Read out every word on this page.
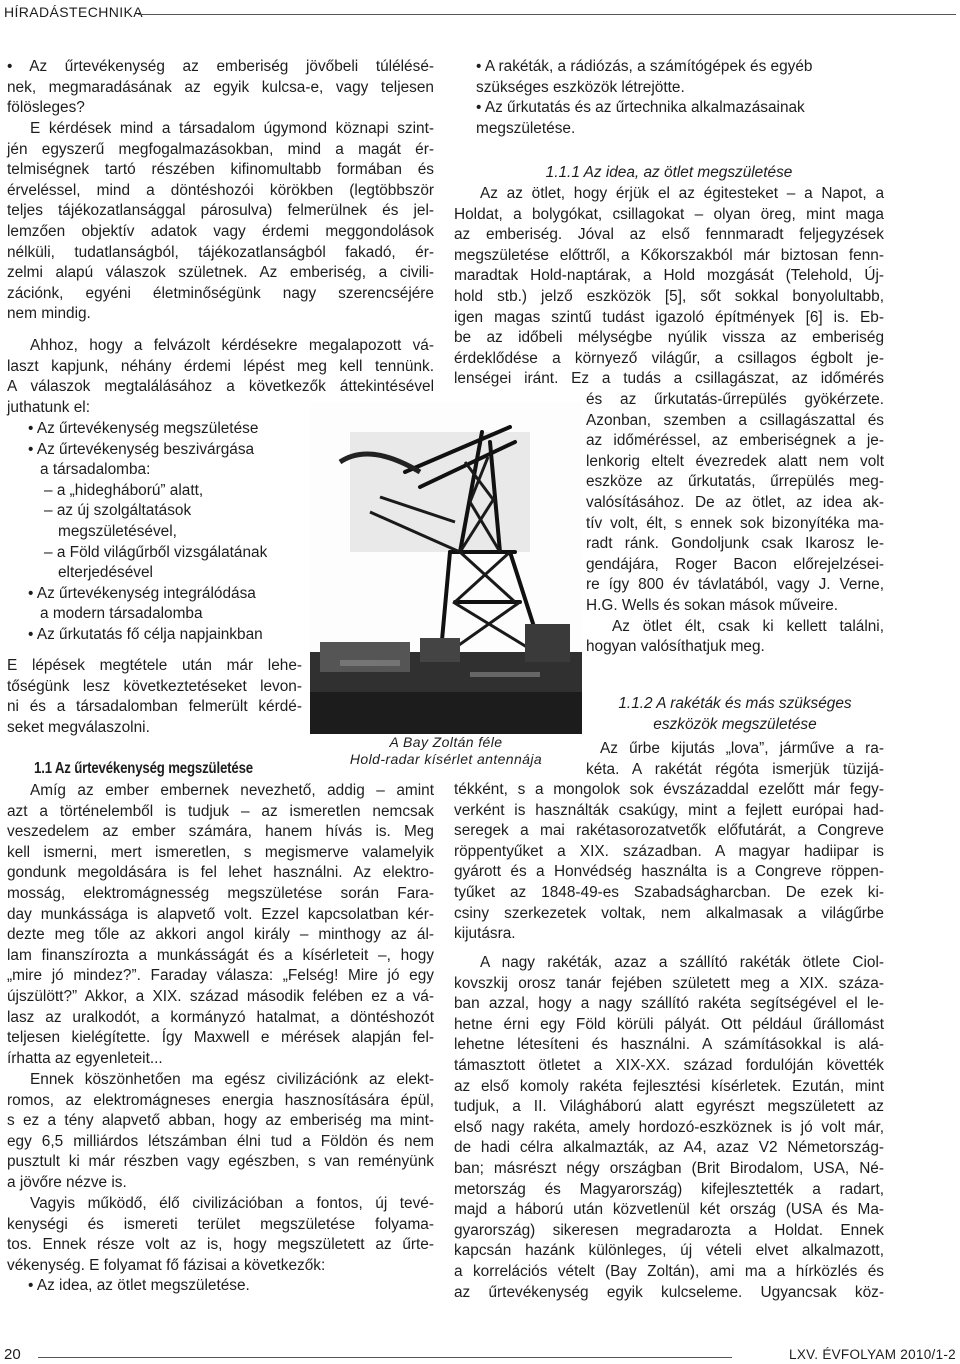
HÍRADÁSTECHNIKA
• Az űrtevékenység az emberiség jövőbeli túlélésé-
nek, megmaradásának az egyik kulcsa-e, vagy teljesen
fölösleges?
E kérdések mind a társadalom úgymond köznapi szint-
jén egyszerű megfogalmazásokban, mind a magát ér-
telmiségnek tartó részében kifinomultabb formában és
érveléssel, mind a döntéshozói körökben (legtöbbször
teljes tájékozatlansággal párosulva) felmerülnek és jel-
lemzően objektív adatok vagy érdemi meggondolások
nélküli, tudatlanságból, tájékozatlanságból fakadó, ér-
zelmi alapú válaszok születnek. Az emberiség, a civili-
zációnk, egyéni életminőségünk nagy szerencséjére
nem mindig.
Ahhoz, hogy a felvázolt kérdésekre megalapozott vá-
laszt kapjunk, néhány érdemi lépést meg kell tennünk.
A válaszok megtalálásához a következők áttekintésével
juthatunk el:
• Az űrtevékenység megszületése
• Az űrtevékenység beszivárgása
a társadalomba:
– a „hidegháború” alatt,
– az új szolgáltatások
megszületésével,
– a Föld világűrből vizsgálatának
elterjedésével
• Az űrtevékenység integrálódása
a modern társadalomba
• Az űrkutatás fő célja napjainkban
E lépések megtétele után már lehe-
tőségünk lesz következtetéseket levon-
ni és a társadalomban felmerült kérdé-
seket megválaszolni.
1.1 Az űrtevékenység megszületése
Amíg az ember embernek nevezhető, addig – amint
azt a történelemből is tudjuk – az ismeretlen nemcsak
veszedelem az ember számára, hanem hívás is. Meg
kell ismerni, mert ismeretlen, s megismerve valamelyik
gondunk megoldására is fel lehet használni. Az elektro-
mosság, elektromágnesség megszületése során Fara-
day munkássága is alapvető volt. Ezzel kapcsolatban kér-
dezte meg tőle az akkori angol király – minthogy az ál-
lam finanszírozta a munkásságát és a kísérleteit –, hogy
„mire jó mindez?”. Faraday válasza: „Felség! Mire jó egy
újszülött?” Akkor, a XIX. század második felében ez a vá-
lasz az uralkodót, a kormányzó hatalmat, a döntéshozót
teljesen kielégítette. Így Maxwell e mérések alapján fel-
írhatta az egyenleteit...
Ennek köszönhetően ma egész civilizációnk az elekt-
romos, az elektromágneses energia hasznosítására épül,
s ez a tény alapvető abban, hogy az emberiség ma mint-
egy 6,5 milliárdos létszámban élni tud a Földön és nem
pusztult ki már részben vagy egészben, s van reményünk
a jövőre nézve is.
Vagyis működő, élő civilizációban a fontos, új tevé-
kenységi és ismereti terület megszületése folyama-
tos. Ennek része volt az is, hogy megszületett az űrte-
vékenység. E folyamat fő fázisai a következők:
• Az idea, az ötlet megszületése.
A Bay Zoltán féle
Hold-radar kísérlet antennája
• A rakéták, a rádiózás, a számítógépek és egyéb
szükséges eszközök létrejötte.
• Az űrkutatás és az űrtechnika alkalmazásainak
megszületése.
1.1.1 Az idea, az ötlet megszületése
Az az ötlet, hogy érjük el az égitesteket – a Napot, a
Holdat, a bolygókat, csillagokat – olyan öreg, mint maga
az emberiség. Jóval az első fennmaradt feljegyzések
megszületése előttről, a Kőkorszakból már biztosan fenn-
maradtak Hold-naptárak, a Hold mozgását (Telehold, Új-
hold stb.) jelző eszközök [5], sőt sokkal bonyolultabb,
igen magas szintű tudást igazoló építmények [6] is. Eb-
be az időbeli mélységbe nyúlik vissza az emberiség
érdeklődése a környező világűr, a csillagos égbolt je-
lenségei iránt. Ez a tudás a csillagászat, az időmérés
és az űrkutatás-űrrepülés gyökérzete.
Azonban, szemben a csillagászattal és
az időméréssel, az emberiségnek a je-
lenkorig eltelt évezredek alatt nem volt
eszköze az űrkutatás, űrrepülés meg-
valósításához. De az ötlet, az idea ak-
tív volt, élt, s ennek sok bizonyítéka ma-
radt ránk. Gondoljunk csak Ikarosz le-
gendájára, Roger Bacon előrejelzései-
re így 800 év távlatából, vagy J. Verne,
H.G. Wells és sokan mások műveire.
Az ötlet élt, csak ki kellett találni,
hogyan valósíthatjuk meg.
1.1.2 A rakéták és más szükséges
eszközök megszületése
Az űrbe kijutás „lova”, járműve a ra-
kéta. A rakétát régóta ismerjük tüzijá-
tékként, s a mongolok sok évszázaddal ezelőtt már fegy-
verként is használták csakúgy, mint a fejlett európai had-
seregek a mai rakétasorozatvetők előfutárát, a Congreve
röppentyűket a XIX. században. A magyar hadiipar is
gyárott és a Honvédség használta is a Congreve röppen-
tyűket az 1848-49-es Szabadságharcban. De ezek ki-
csiny szerkezetek voltak, nem alkalmasak a világűrbe
kijutásra.
A nagy rakéták, azaz a szállító rakéták ötlete Ciol-
kovszkij orosz tanár fejében született meg a XIX. száza-
ban azzal, hogy a nagy szállító rakéta segítségével el le-
hetne érni egy Föld körüli pályát. Ott például űrállomást
lehetne létesíteni és használni. A számításokkal is alá-
támasztott ötletet a XIX-XX. század fordulóján követték
az első komoly rakéta fejlesztési kísérletek. Ezután, mint
tudjuk, a II. Világháború alatt egyrészt megszületett az
első nagy rakéta, amely hordozó-eszköznek is jó volt már,
de hadi célra alkalmazták, az A4, azaz V2 Németország-
ban; másrészt négy országban (Brit Birodalom, USA, Né-
metország és Magyarország) kifejlesztették a radart,
majd a háború után közvetlenül két ország (USA és Ma-
gyarország) sikeresen megradarozta a Holdat. Ennek
kapcsán hazánk különleges, új vételi elvet alkalmazott,
a korrelációs vételt (Bay Zoltán), ami ma a hírközlés és
az űrtevékenység egyik kulcseleme. Ugyancsak köz-
20	LXV. ÉVFOLYAM 2010/1-2
